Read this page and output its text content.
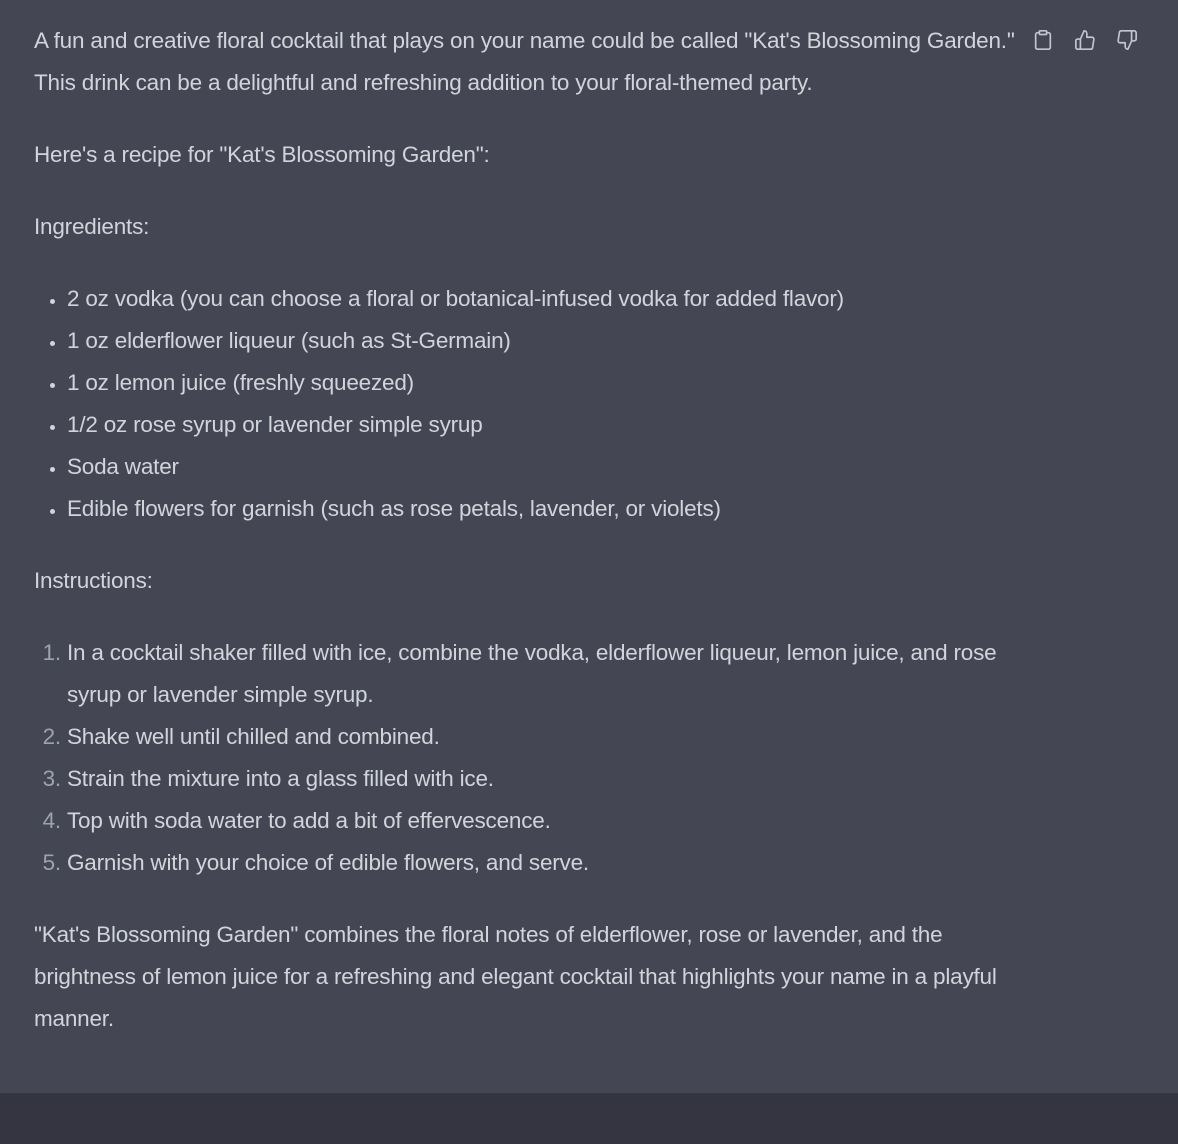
A fun and creative floral cocktail that plays on your name could be called "Kat's Blossoming Garden." This drink can be a delightful and refreshing addition to your floral-themed party.

Here's a recipe for "Kat's Blossoming Garden":

Ingredients:

• 2 oz vodka (you can choose a floral or botanical-infused vodka for added flavor)
• 1 oz elderflower liqueur (such as St-Germain)
• 1 oz lemon juice (freshly squeezed)
• 1/2 oz rose syrup or lavender simple syrup
• Soda water
• Edible flowers for garnish (such as rose petals, lavender, or violets)

Instructions:

1. In a cocktail shaker filled with ice, combine the vodka, elderflower liqueur, lemon juice, and rose syrup or lavender simple syrup.
2. Shake well until chilled and combined.
3. Strain the mixture into a glass filled with ice.
4. Top with soda water to add a bit of effervescence.
5. Garnish with your choice of edible flowers, and serve.

"Kat's Blossoming Garden" combines the floral notes of elderflower, rose or lavender, and the brightness of lemon juice for a refreshing and elegant cocktail that highlights your name in a playful manner.
